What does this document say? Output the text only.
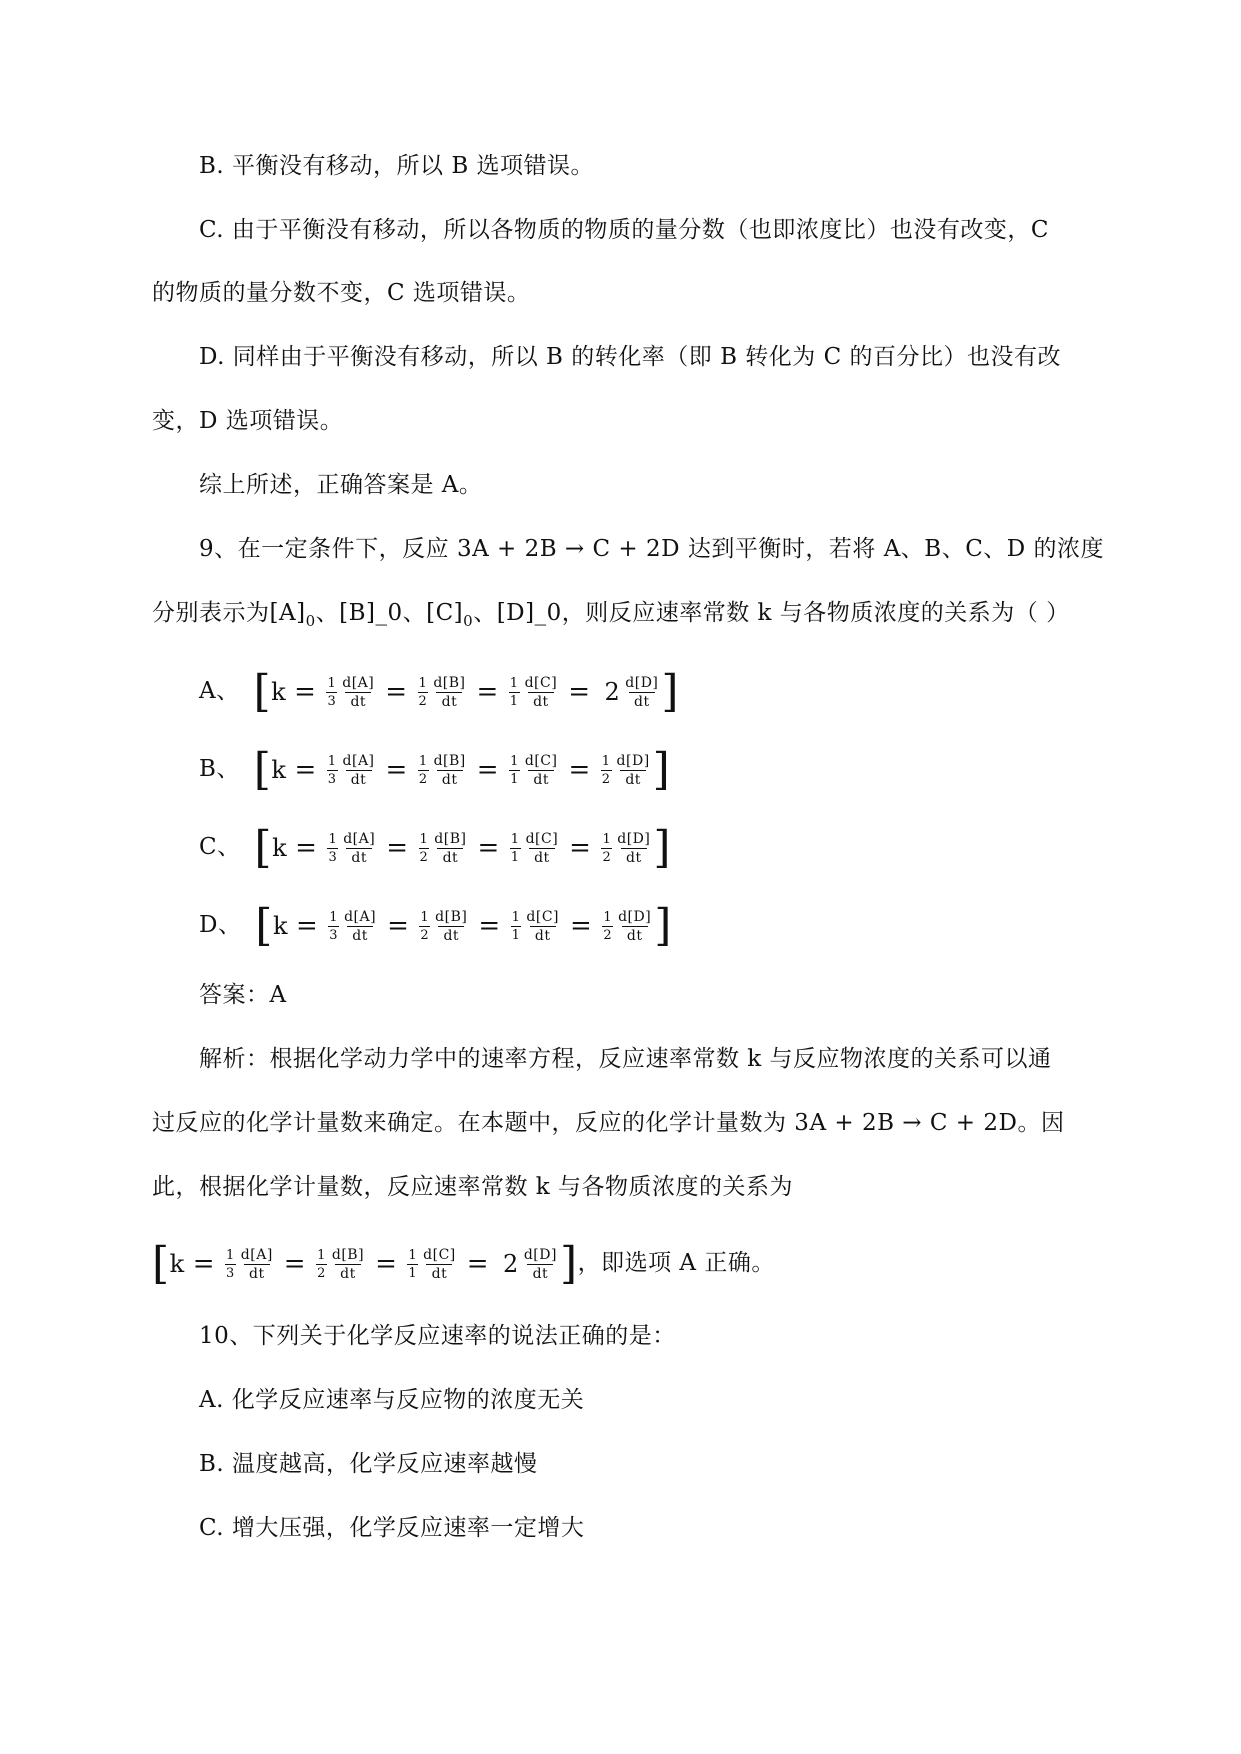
B. 平衡没有移动，所以 B 选项错误。
C. 由于平衡没有移动，所以各物质的物质的量分数（也即浓度比）也没有改变，C
的物质的量分数不变，C 选项错误。
D. 同样由于平衡没有移动，所以 B 的转化率（即 B 转化为 C 的百分比）也没有改
变，D 选项错误。
综上所述，正确答案是 A。
9、在一定条件下，反应 3A + 2B → C + 2D 达到平衡时，若将 A、B、C、D 的浓度
分别表示为$[A]_0$、[B]_0、$[C]_0$、[D]_0，则反应速率常数 k 与各物质浓度的关系为（ ）
A、 [ $k = \frac{1}{3} \frac{d[A]}{dt} = \frac{1}{2} \frac{d[B]}{dt} = \frac{1}{1} \frac{d[C]}{dt} = 2 \frac{d[D]}{dt}$ ]
B、 [ $k = \frac{1}{3} \frac{d[A]}{dt} = \frac{1}{2} \frac{d[B]}{dt} = \frac{1}{1} \frac{d[C]}{dt} = \frac{1}{2} \frac{d[D]}{dt}$ ]
C、 [ $k = \frac{1}{3} \frac{d[A]}{dt} = \frac{1}{2} \frac{d[B]}{dt} = \frac{1}{1} \frac{d[C]}{dt} = \frac{1}{2} \frac{d[D]}{dt}$ ]
D、 [ $k = \frac{1}{3} \frac{d[A]}{dt} = \frac{1}{2} \frac{d[B]}{dt} = \frac{1}{1} \frac{d[C]}{dt} = \frac{1}{2} \frac{d[D]}{dt}$ ]
答案：A
解析：根据化学动力学中的速率方程，反应速率常数 k 与反应物浓度的关系可以通
过反应的化学计量数来确定。在本题中，反应的化学计量数为 3A + 2B → C + 2D。因
此，根据化学计量数，反应速率常数 k 与各物质浓度的关系为
[ $k = \frac{1}{3} \frac{d[A]}{dt} = \frac{1}{2} \frac{d[B]}{dt} = \frac{1}{1} \frac{d[C]}{dt} = 2 \frac{d[D]}{dt}$ ] ，即选项 A 正确。
10、下列关于化学反应速率的说法正确的是：
A. 化学反应速率与反应物的浓度无关
B. 温度越高，化学反应速率越慢
C. 增大压强，化学反应速率一定增大
